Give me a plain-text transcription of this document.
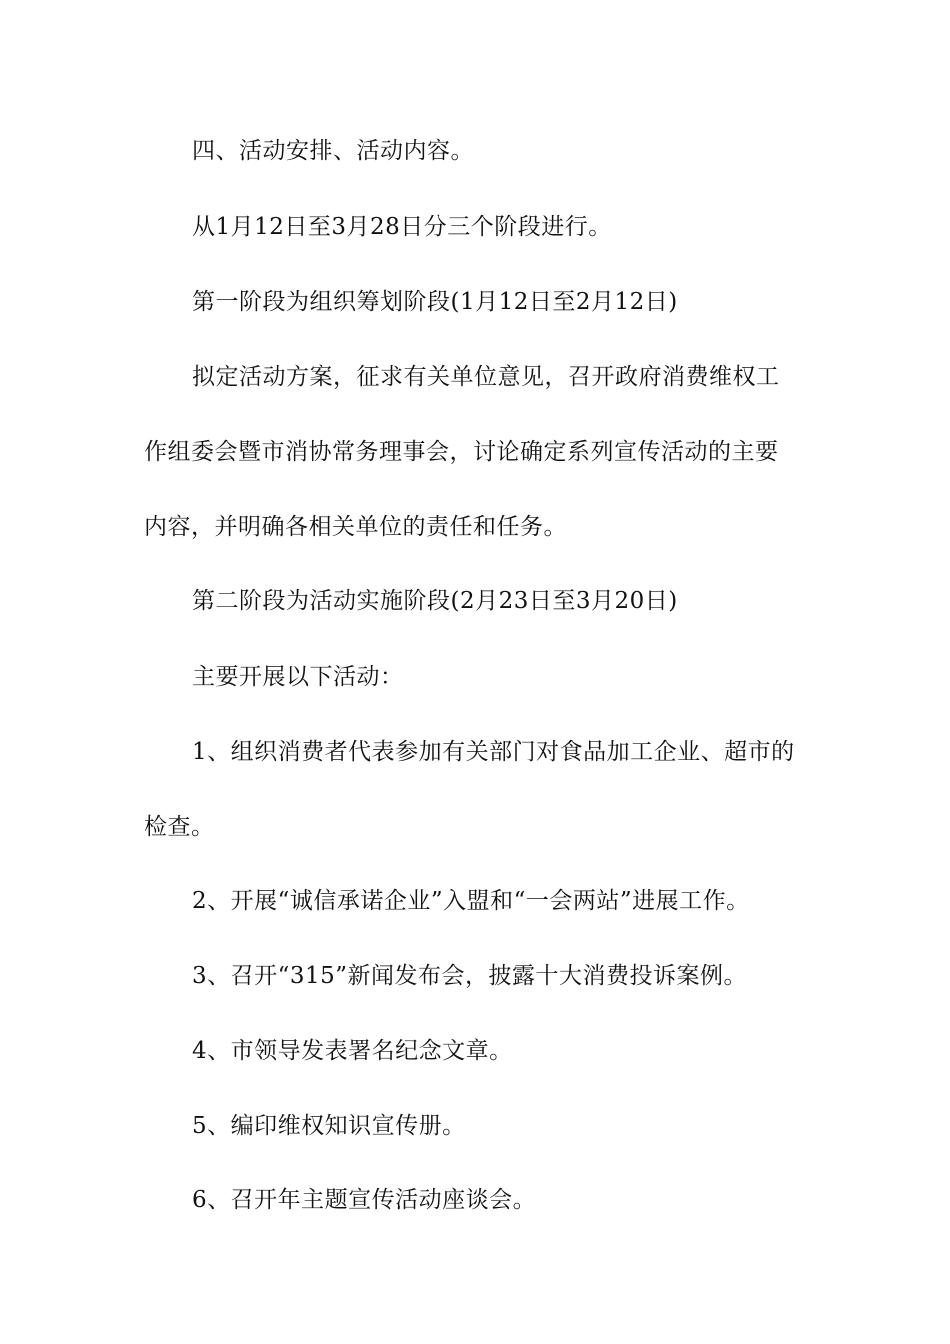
四、活动安排、活动内容。
从1月12日至3月28日分三个阶段进行。
第一阶段为组织筹划阶段(1月12日至2月12日)
拟定活动方案，征求有关单位意见，召开政府消费维权工
作组委会暨市消协常务理事会，讨论确定系列宣传活动的主要
内容，并明确各相关单位的责任和任务。
第二阶段为活动实施阶段(2月23日至3月20日)
主要开展以下活动：
1、组织消费者代表参加有关部门对食品加工企业、超市的
检查。
2、开展“诚信承诺企业”入盟和“一会两站”进展工作。
3、召开“315”新闻发布会，披露十大消费投诉案例。
4、市领导发表署名纪念文章。
5、编印维权知识宣传册。
6、召开年主题宣传活动座谈会。
